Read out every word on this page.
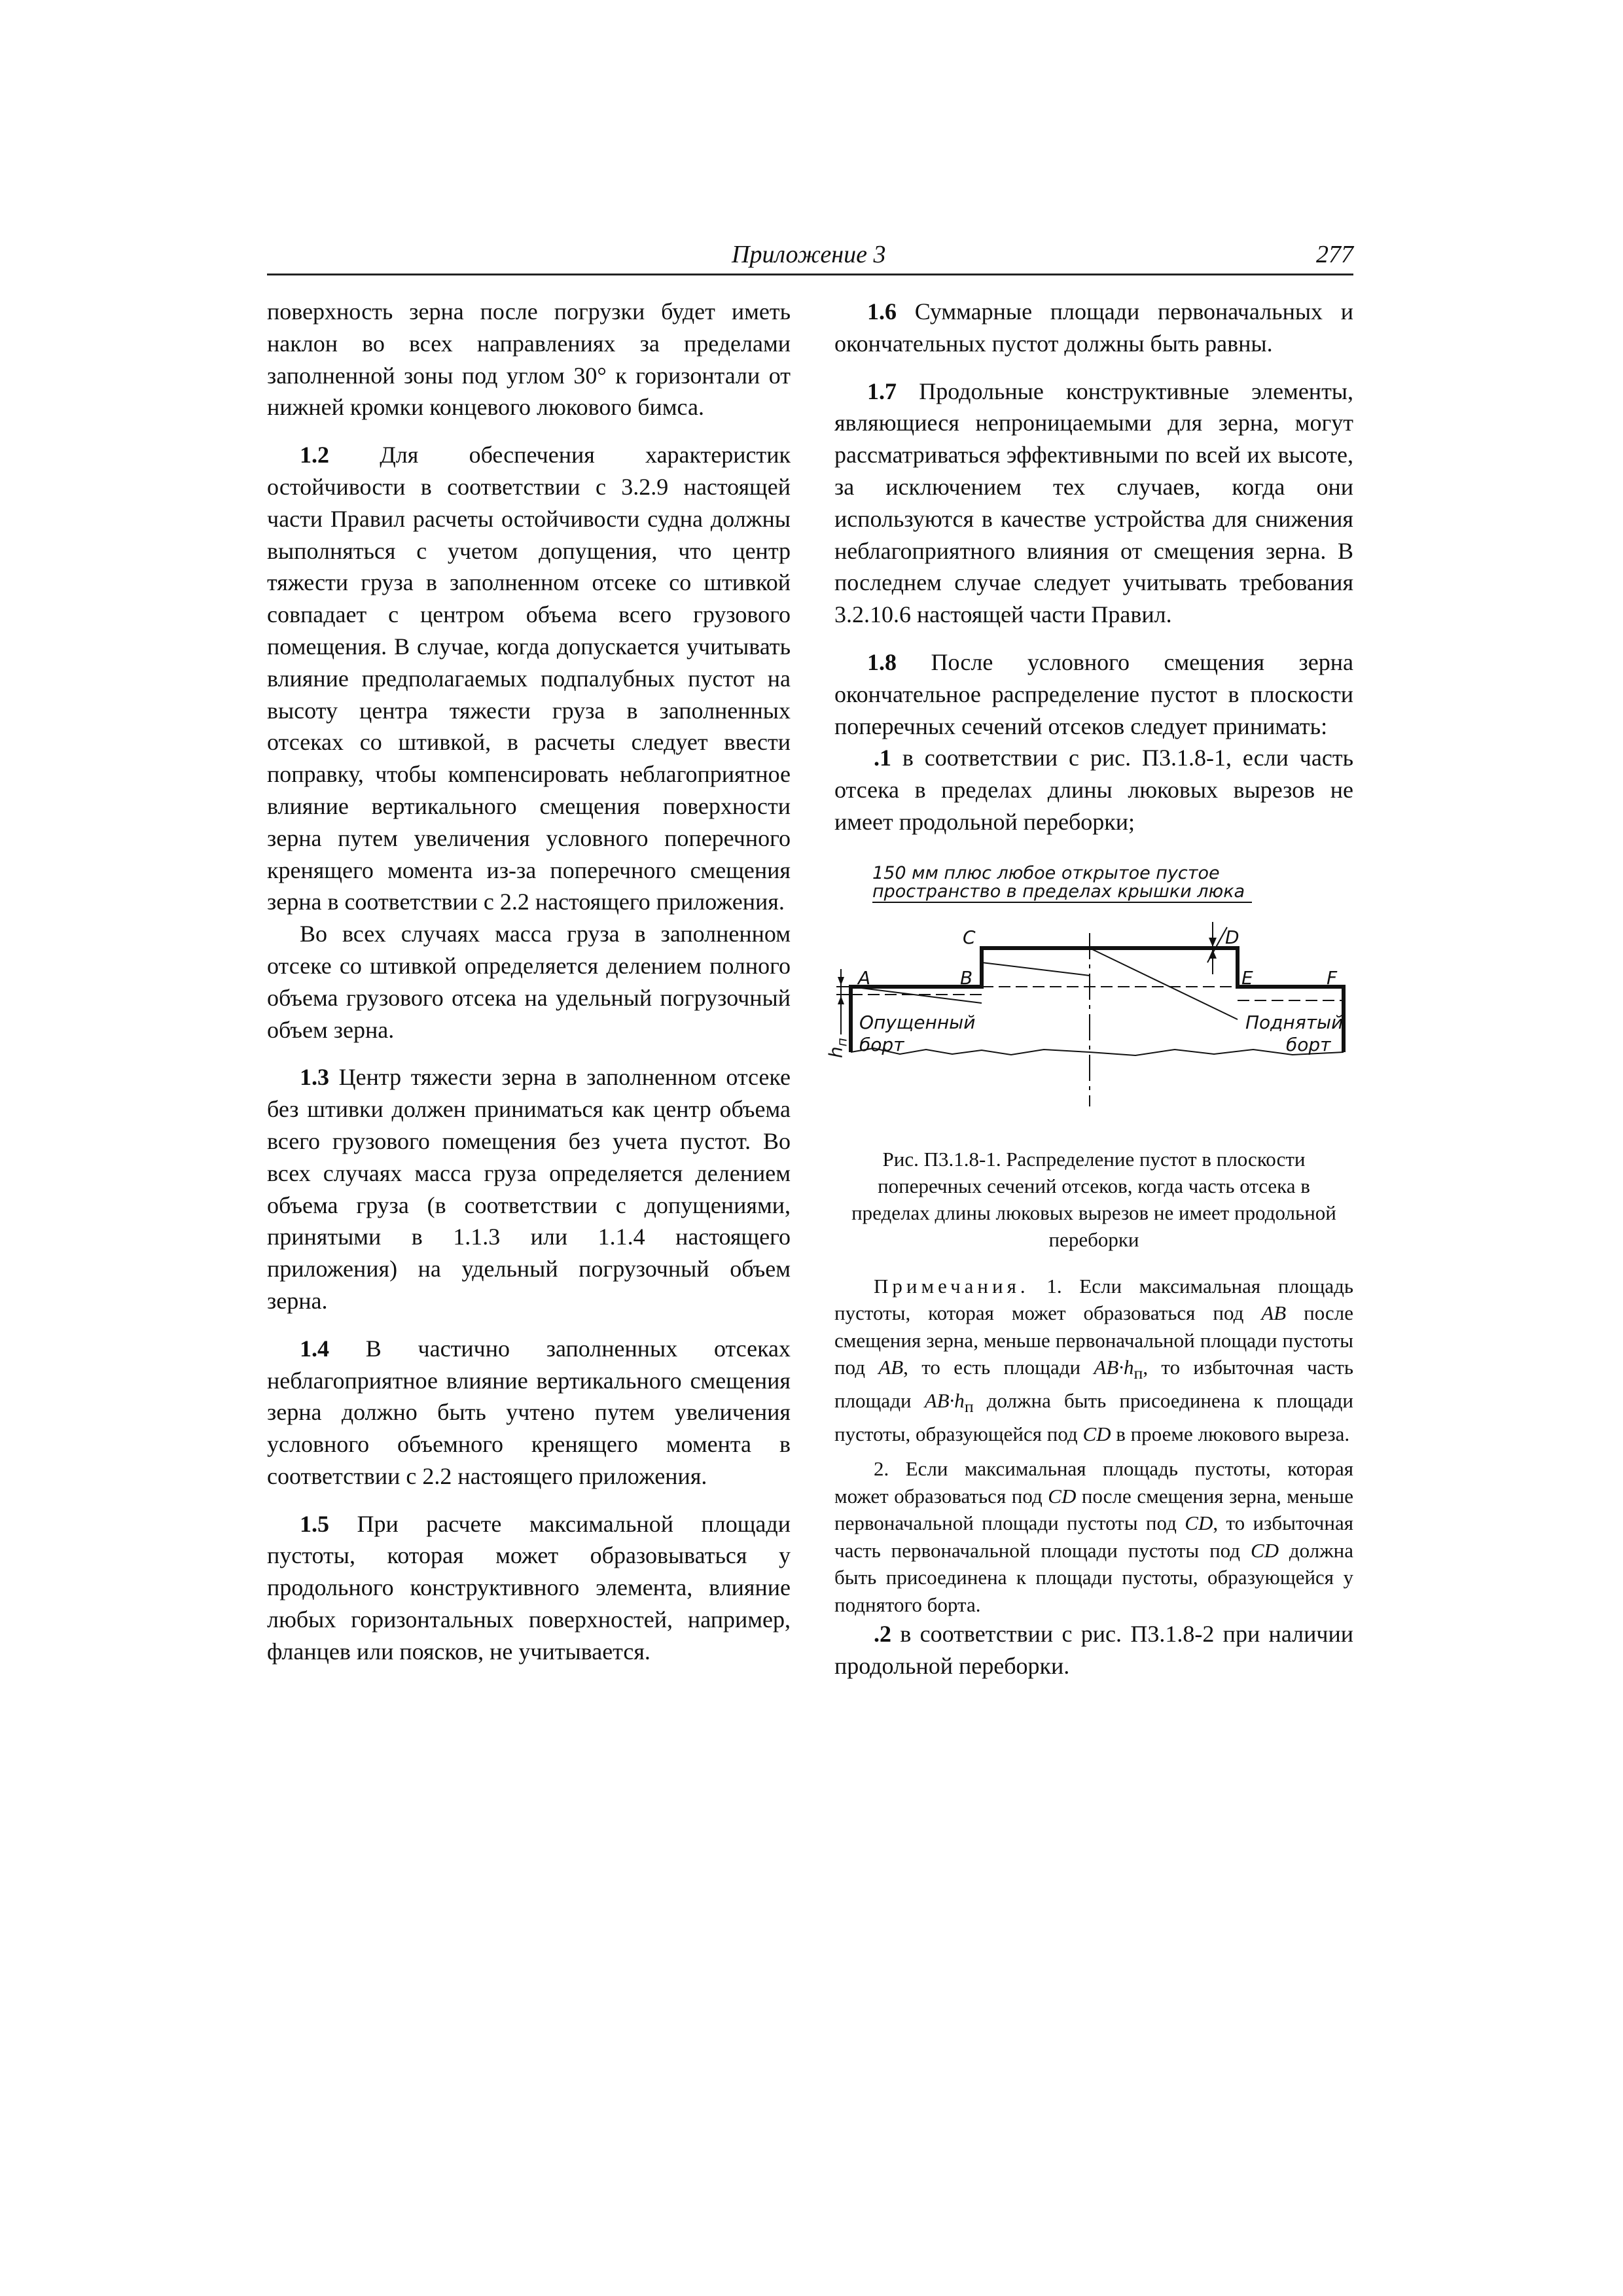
Приложение 3	277

поверхность зерна после погрузки будет иметь наклон во всех направлениях за пределами заполненной зоны под углом 30° к горизонтали от нижней кромки концевого люкового бимса.

1.2 Для обеспечения характеристик остойчивости в соответствии с 3.2.9 настоящей части Правил расчеты остойчивости судна должны выполняться с учетом допущения, что центр тяжести груза в заполненном отсеке со штивкой совпадает с центром объема всего грузового помещения. В случае, когда допускается учитывать влияние предполагаемых подпалубных пустот на высоту центра тяжести груза в заполненных отсеках со штивкой, в расчеты следует ввести поправку, чтобы компенсировать неблагоприятное влияние вертикального смещения поверхности зерна путем увеличения условного поперечного кренящего момента из-за поперечного смещения зерна в соответствии с 2.2 настоящего приложения.

Во всех случаях масса груза в заполненном отсеке со штивкой определяется делением полного объема грузового отсека на удельный погрузочный объем зерна.

1.3 Центр тяжести зерна в заполненном отсеке без штивки должен приниматься как центр объема всего грузового помещения без учета пустот. Во всех случаях масса груза определяется делением объема груза (в соответствии с допущениями, принятыми в 1.1.3 или 1.1.4 настоящего приложения) на удельный погрузочный объем зерна.

1.4 В частично заполненных отсеках неблагоприятное влияние вертикального смещения зерна должно быть учтено путем увеличения условного объемного кренящего момента в соответствии с 2.2 настоящего приложения.

1.5 При расчете максимальной площади пустоты, которая может образовываться у продольного конструктивного элемента, влияние любых горизонтальных поверхностей, например, фланцев или поясков, не учитывается.

1.6 Суммарные площади первоначальных и окончательных пустот должны быть равны.

1.7 Продольные конструктивные элементы, являющиеся непроницаемыми для зерна, могут рассматриваться эффективными по всей их высоте, за исключением тех случаев, когда они используются в качестве устройства для снижения неблагоприятного влияния от смещения зерна. В последнем случае следует учитывать требования 3.2.10.6 настоящей части Правил.

1.8 После условного смещения зерна окончательное распределение пустот в плоскости поперечных сечений отсеков следует принимать:

.1 в соответствии с рис. П3.1.8-1, если часть отсека в пределах длины люковых вырезов не имеет продольной переборки;

150 мм плюс любое открытое пустое
пространство в пределах крышки люка
A	B
C	D
E	F
$h_п$
Опущенный
борт
Поднятый
борт
Рис. П3.1.8-1. Распределение пустот в плоскости поперечных сечений отсеков, когда часть отсека в пределах длины люковых вырезов не имеет продольной переборки

Примечания. 1. Если максимальная площадь пустоты, которая может образоваться под AB после смещения зерна, меньше первоначальной площади пустоты под AB, то есть площади $AB\cdot h_п$, то избыточная часть площади $AB\cdot h_п$ должна быть присоединена к площади пустоты, образующейся под CD в проеме люкового выреза.

2. Если максимальная площадь пустоты, которая может образоваться под CD после смещения зерна, меньше первоначальной площади пустоты под CD, то избыточная часть первоначальной площади пустоты под CD должна быть присоединена к площади пустоты, образующейся у поднятого борта.

.2 в соответствии с рис. П3.1.8-2 при наличии продольной переборки.
